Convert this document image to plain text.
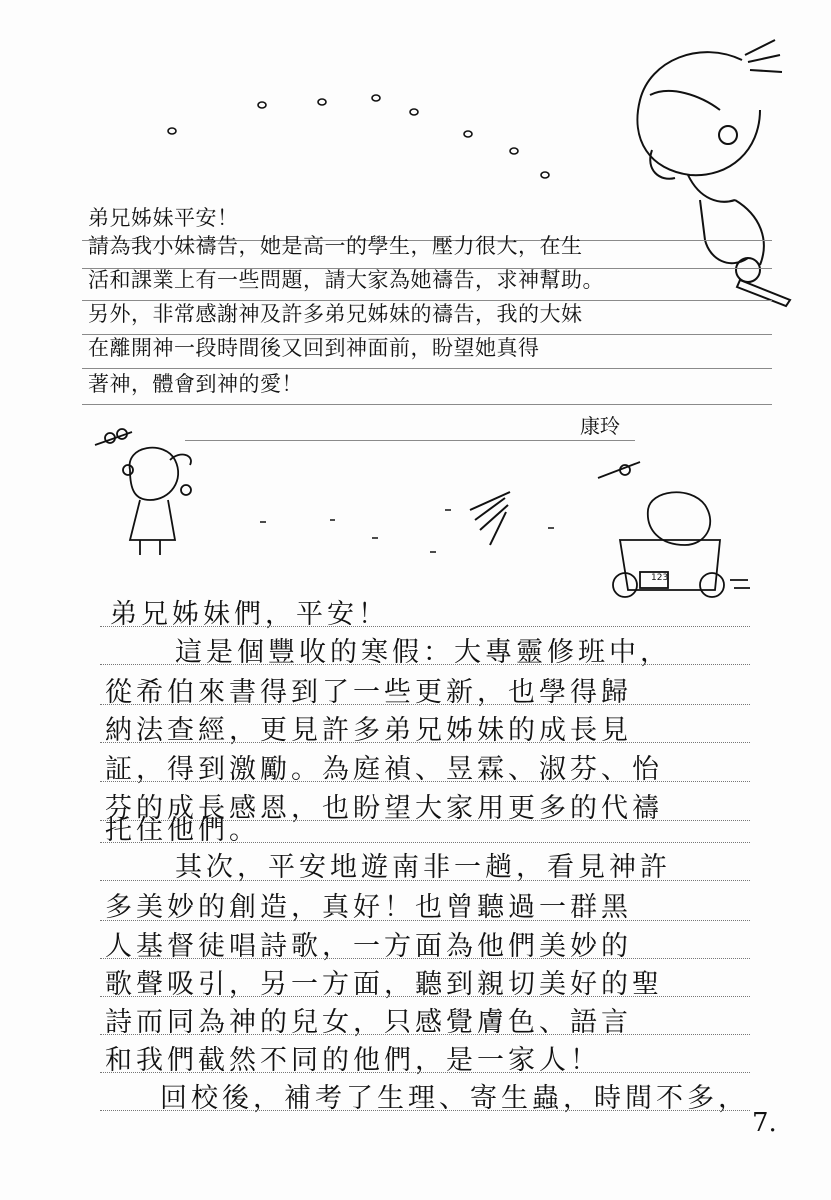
弟兄姊妹平安！
請為我小妹禱告，她是高一的學生，壓力很大，在生
活和課業上有一些問題，請大家為她禱告，求神幫助。
另外，非常感謝神及許多弟兄姊妹的禱告，我的大妹
在離開神一段時間後又回到神面前，盼望她真得
著神，體會到神的愛！
康玲
弟兄姊妹們，平安！
這是個豐收的寒假：大專靈修班中，
從希伯來書得到了一些更新，也學得歸
納法查經，更見許多弟兄姊妹的成長見
証，得到激勵。為庭禎、昱霖、淑芬、怡
芬的成長感恩，也盼望大家用更多的代禱
托住他們。
其次，平安地遊南非一趟，看見神許
多美妙的創造，真好！也曾聽過一群黑
人基督徒唱詩歌，一方面為他們美妙的
歌聲吸引，另一方面，聽到親切美好的聖
詩而同為神的兒女，只感覺膚色、語言
和我們截然不同的他們，是一家人！
回校後，補考了生理、寄生蟲，時間不多，
123
7.
